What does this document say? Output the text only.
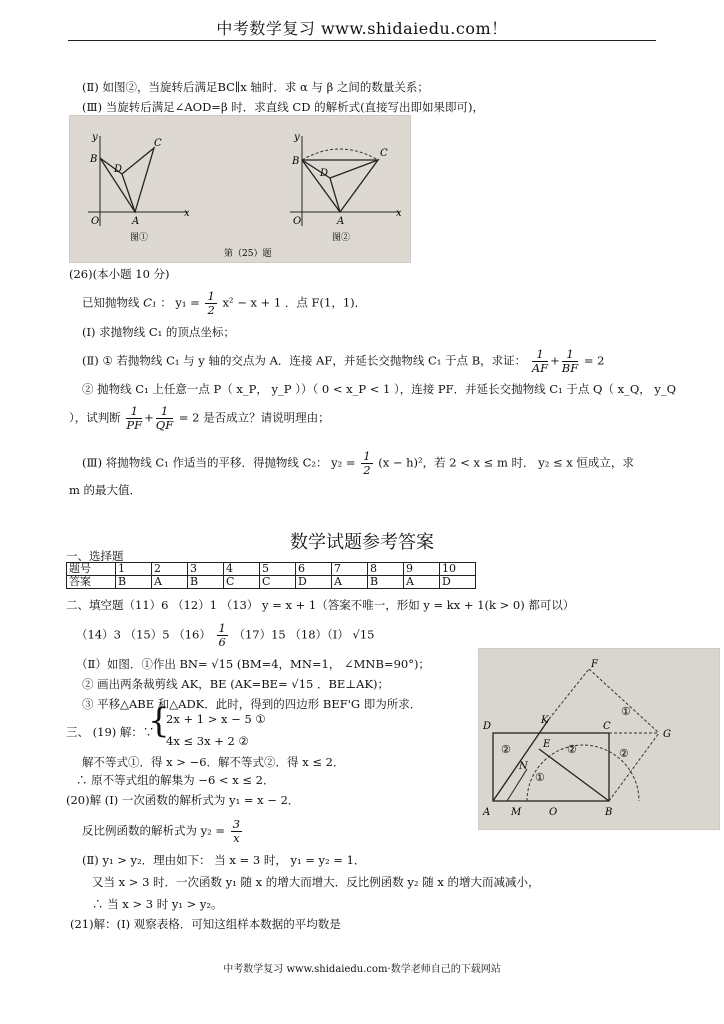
中考数学复习 www.shidaiedu.com！
(Ⅱ) 如图②，当旋转后满足BC∥x 轴时．求 α 与 β 之间的数量关系；
(Ⅲ) 当旋转后满足∠AOD=β 时．求直线 CD 的解析式(直接写出即如果即可)，
y
B
C
D
O	A
x
图①
y
B
C
D
O	A
x
图②
第（25）题
(26)(本小题 10 分)
已知抛物线 C₁ ： $y_1 = \frac{1}{2} x^2 - x + 1$ ．点 F(1，1)．
(Ⅰ) 求抛物线 C₁ 的顶点坐标；
(Ⅱ) ① 若抛物线 C₁ 与 y 轴的交点为 A．连接 AF，并延长交抛物线 C₁ 于点 B，求证： $\frac{1}{AF} + \frac{1}{BF} = 2$
② 抛物线 C₁ 上任意一点 P（ x_P， y_P ））（ 0 < x_P < 1 ），连接 PF．并延长交抛物线 C₁ 于点 Q（ x_Q， y_Q
），试判断 $\frac{1}{PF} + \frac{1}{QF} = 2$ 是否成立？请说明理由；
(Ⅲ) 将抛物线 C₁ 作适当的平移．得抛物线 C₂： $y_2 = \frac{1}{2} (x - h)^2$，若 2 < x ≤ m 时． y₂ ≤ x 恒成立，求
m 的最大值．
数学试题参考答案
一、选择题
题号	1	2	3	4	5	6	7	8	9	10
答案	B	A	B	C	C	D	A	B	A	D
二、填空题（11）6 （12）1 （13） y = x + 1（答案不唯一，形如 y = kx + 1(k > 0) 都可以）
（14）3 （15）5 $(16) \frac{1}{6} (17)15$ （18）（Ⅰ） √15
（Ⅱ）如图．①作出 BN= √15 (BM=4，MN=1， ∠MNB=90°)；
② 画出两条裁剪线 AK，BE (AK=BE= √15 ．BE⊥AK)；
③ 平移△ABE 和△ADK．此时，得到的四边形 BEF'G 即为所求．
三、 (19) 解：∵
{
2x + 1 > x − 5 ①
4x ≤ 3x + 2 ②
解不等式①．得 x > −6．解不等式②．得 x ≤ 2．
∴ 原不等式组的解集为 −6 < x ≤ 2．
(20)解 (Ⅰ) 一次函数的解析式为 y₁ = x − 2．
反比例函数的解析式为 $y_2 = \frac{3}{x}$
(Ⅱ) y₁ > y₂．理由如下： 当 x = 3 时， y₁ = y₂ = 1．
又当 x > 3 时．一次函数 y₁ 随 x 的增大而增大．反比例函数 y₂ 随 x 的增大而减减小，
∴ 当 x > 3 时 y₁ > y₂。
(21)解：(Ⅰ) 观察表格．可知这组样本数据的平均数是
F
D
K
C
G
E
N
A M	O	B
①
②	②
①
②
中考数学复习 www.shidaiedu.com·数学老师自己的下载网站
